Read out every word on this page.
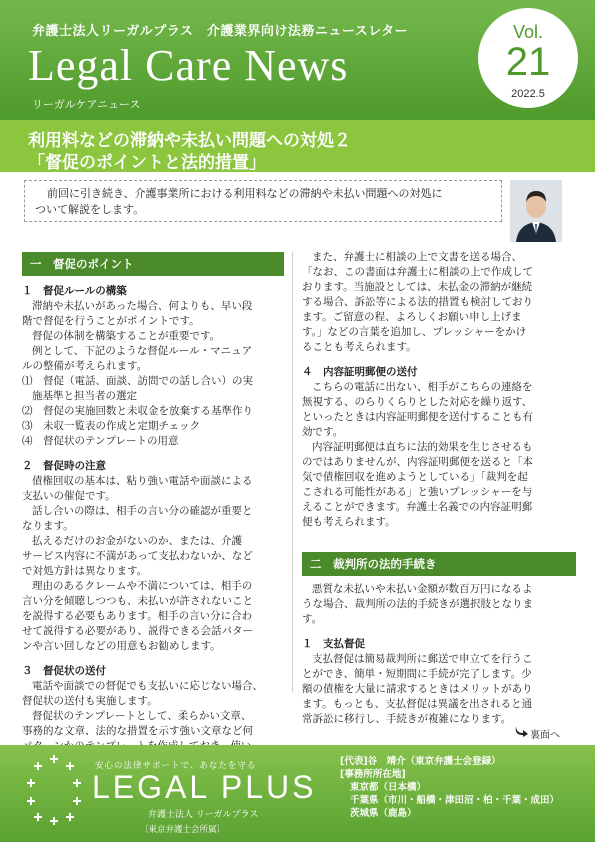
弁護士法人リーガルプラス　介護業界向け法務ニュースレター
Legal Care News
リーガルケアニュース
Vol.
21
2022.5
利用料などの滞納や未払い問題への対処２
「督促のポイントと法的措置」

前回に引き続き、介護事業所における利用料などの滞納や未払い問題への対処に

ついて解説をします。

一　督促のポイント

１　督促ルールの構築

滞納や未払いがあった場合、何よりも、早い段

階で督促を行うことがポイントです。

督促の体制を構築することが重要です。

例として、下記のような督促ルール・マニュア

ルの整備が考えられます。

⑴　督促（電話、面談、訪問での話し合い）の実

施基準と担当者の選定

⑵　督促の実施回数と未収金を放棄する基準作り

⑶　未収一覧表の作成と定期チェック

⑷　督促状のテンプレートの用意

２　督促時の注意

債権回収の基本は、粘り強い電話や面談による

支払いの催促です。

話し合いの際は、相手の言い分の確認が重要と

なります。

払えるだけのお金がないのか、または、介護

サービス内容に不満があって支払わないか、など

で対処方針は異なります。

理由のあるクレームや不満については、相手の

言い分を傾聴しつつも、未払いが許されないこと

を説得する必要もあります。相手の言い分に合わ

せて説得する必要があり、説得できる会話パター

ンや言い回しなどの用意もお勧めします。

３　督促状の送付

電話や面談での督促でも支払いに応じない場合、

督促状の送付も実施します。

督促状のテンプレートとして、柔らかい文章、

事務的な文章、法的な措置を示す強い文章など何

また、弁護士に相談の上で文書を送る場合、

「なお、この書面は弁護士に相談の上で作成して

おります。当施設としては、未払金の滞納が継続

する場合、訴訟等による法的措置も検討しており

ます。ご留意の程、よろしくお願い申し上げま

す。」などの言葉を追加し、プレッシャーをかけ

ることも考えられます。

４　内容証明郵便の送付

こちらの電話に出ない、相手がこちらの連絡を

無視する、のらりくらりとした対応を繰り返す、

といったときは内容証明郵便を送付することも有

効です。

内容証明郵便は直ちに法的効果を生じさせるも

のではありませんが、内容証明郵便を送ると「本

気で債権回収を進めようとしている」「裁判を起

こされる可能性がある」と強いプレッシャーを与

えることができます。弁護士名義での内容証明郵

便も考えられます。

二　裁判所の法的手続き

悪質な未払いや未払い金額が数百万円になるよ

うな場合、裁判所の法的手続きが選択肢となりま

す。

１　支払督促

支払督促は簡易裁判所に郵送で申立てを行うこ

とができ、簡単・短期間に手続が完了します。少

額の債権を大量に請求するときはメリットがあり

ます。もっとも、支払督促は異議を出されると通

常訴訟に移行し、手続きが複雑になります。

裏面へ
安心の法律サポートで、あなたを守る
LEGAL PLUS
弁護士法人 リーガルプラス
〔東京弁護士会所属〕

[代表]谷　靖介（東京弁護士会登録）

[事務所所在地]

東京都（日本橋）

千葉県（市川・船橋・津田沼・柏・千葉・成田）

茨城県（鹿島）
